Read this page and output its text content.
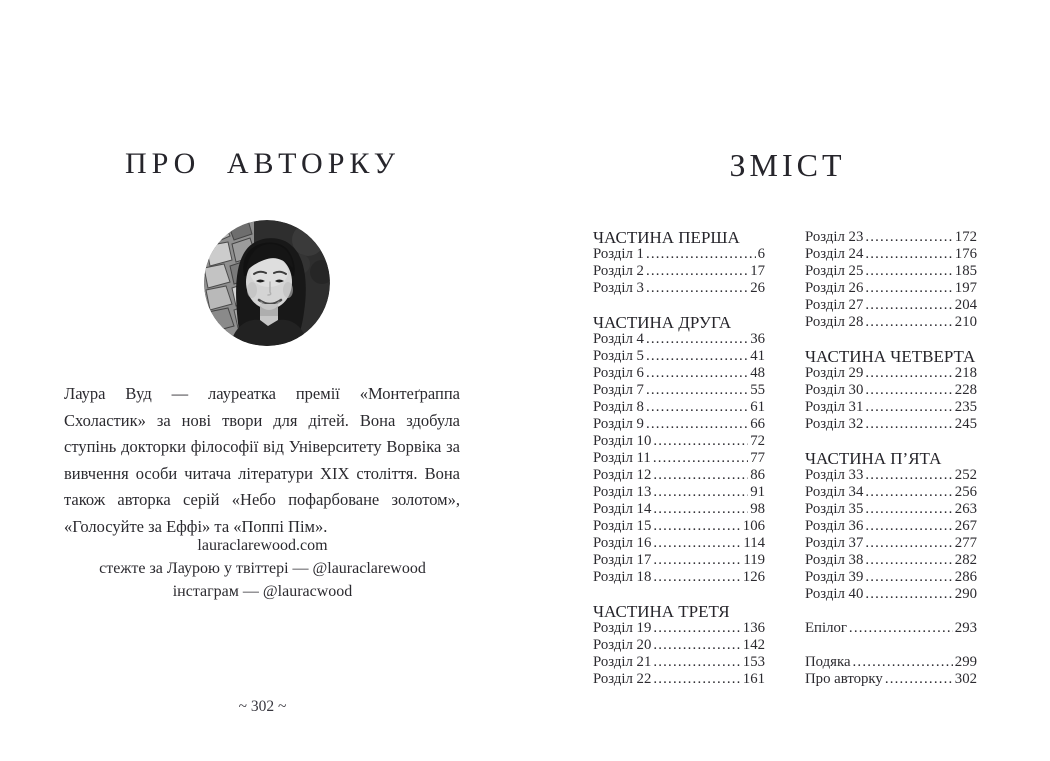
ПРО АВТОРКУ

Лаура Вуд — лауреатка премії «Монтеґраппа Схоластик» за нові твори для дітей. Вона здобула ступінь докторки філософії від Університету Ворвіка за вивчення особи читача літератури XIX століття. Вона також авторка серій «Небо пофарбоване золотом», «Голосуйте за Еффі» та «Поппі Пім».

lauraclarewood.com
стежте за Лаурою у твіттері — @lauraclarewood
інстаграм — @lauracwood
~ 302 ~
ЗМІСТ
ЧАСТИНА ПЕРША
Розділ 1 .....	6
Розділ 2 .....	17
Розділ 3 .....	26
ЧАСТИНА ДРУГА
Розділ 4 .....	36
Розділ 5 .....	41
Розділ 6 .....	48
Розділ 7 .....	55
Розділ 8 .....	61
Розділ 9 .....	66
Розділ 10 .....	72
Розділ 11 .....	77
Розділ 12 .....	86
Розділ 13 .....	91
Розділ 14 .....	98
Розділ 15 .....	106
Розділ 16 .....	114
Розділ 17 .....	119
Розділ 18 .....	126
ЧАСТИНА ТРЕТЯ
Розділ 19 .....	136
Розділ 20 .....	142
Розділ 21 .....	153
Розділ 22 .....	161
Розділ 23 .....	172
Розділ 24 .....	176
Розділ 25 .....	185
Розділ 26 .....	197
Розділ 27 .....	204
Розділ 28 .....	210
ЧАСТИНА ЧЕТВЕРТА
Розділ 29 .....	218
Розділ 30 .....	228
Розділ 31 .....	235
Розділ 32 .....	245
ЧАСТИНА П’ЯТА
Розділ 33 .....	252
Розділ 34 .....	256
Розділ 35 .....	263
Розділ 36 .....	267
Розділ 37 .....	277
Розділ 38 .....	282
Розділ 39 .....	286
Розділ 40 .....	290
Епілог .....	293
Подяка .....	299
Про авторку .....	302
